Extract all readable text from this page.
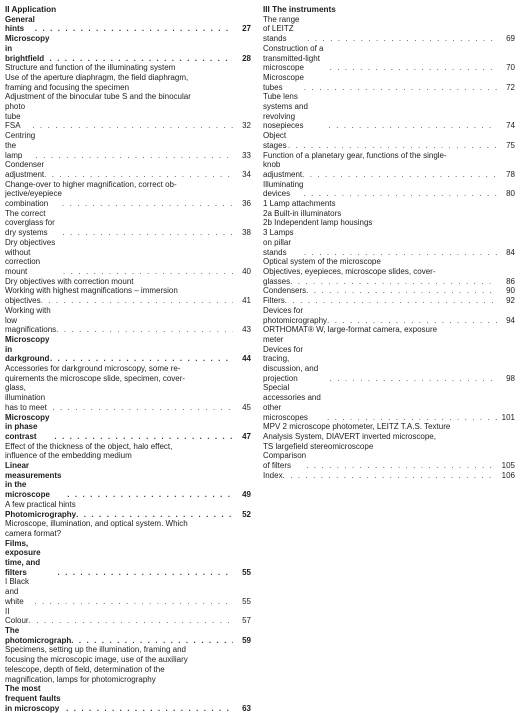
II Application
General hints . . .	27
Microscopy in brightfield . . .	28
Structure and function of the illuminating system
Use of the aperture diaphragm, the field diaphragm,
framing and focusing the specimen
Adjustment of the binocular tube S and the binocular
photo tube FSA . . .	32
Centring the lamp . . .	33
Condenser adjustment . . .	34
Change-over to higher magnification, correct ob-
jective/eyepiece combination . . .	36
The correct coverglass for dry systems . . .	38
Dry objectives without correction mount . . .	40
Dry objectives with correction mount
Working with highest magnifications – immersion
objectives . . .	41
Working with low magnifications . . .	43
Microscopy in darkground . . .	44
Accessories for darkground microscopy, some re-
quirements the microscope slide, specimen, cover-
glass, illumination has to meet . . .	45
Microscopy in phase contrast . . .	47
Effect of the thickness of the object, halo effect,
influence of the embedding medium
Linear measurements in the microscope . . .	49
A few practical hints
Photomicrography . . .	52
Microscope, illumination, and optical system. Which
camera format?
Films, exposure time, and filters . . .	55
I Black and white . . .	55
II Colour . . .	57
The photomicrograph . . .	59
Specimens, setting up the illumination, framing and
focusing the microscopic image, use of the auxiliary
telescope, depth of field, determination of the
magnification, lamps for photomicrography
The most frequent faults in microscopy . . .	63
III The instruments
The range of LEITZ stands . . .	69
Construction of a transmitted-light microscope . . .	70
Microscope tubes . . .	72
Tube lens systems and revolving nosepieces . . .	74
Object stages . . .	75
Function of a planetary gear, functions of the single-
knob adjustment . . .	78
Illuminating devices . . .	80
1 Lamp attachments
2a Built-in illuminators
2b Independent lamp housings
3 Lamps on pillar stands . . .	84
Optical system of the microscope
Objectives, eyepieces, microscope slides, cover-
glasses . . .	86
Condensers . . .	90
Filters . . .	92
Devices for photomicrography . . .	94
ORTHOMAT® W, large-format camera, exposure
meter
Devices for tracing, discussion, and projection . . .	98
Special accessories and other microscopes . . .	101
MPV 2 microscope photometer, LEITZ T.A.S. Texture
Analysis System, DIAVERT inverted microscope,
TS largefield stereomicroscope
Comparison of filters . . .	105
Index . . .	106
